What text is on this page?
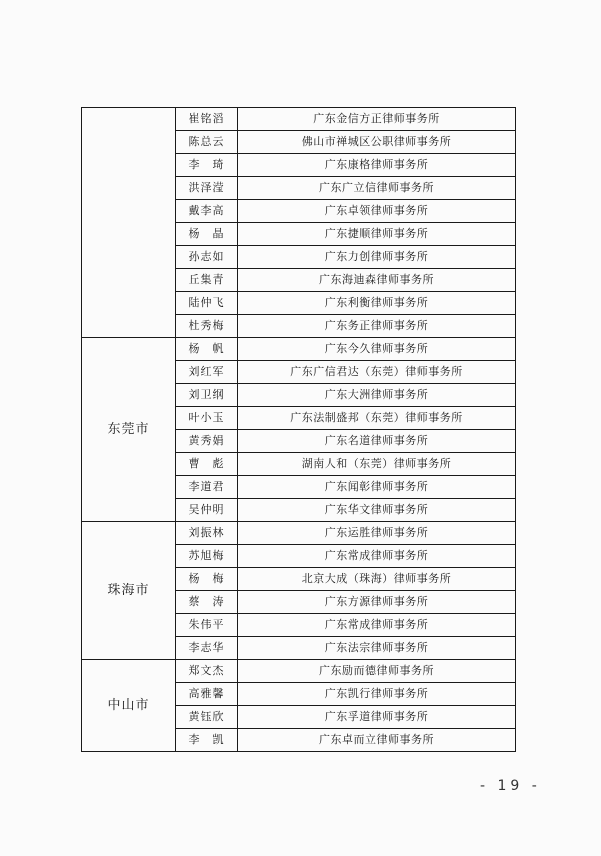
	崔铭滔	广东金信方正律师事务所
	陈总云	佛山市禅城区公职律师事务所
	李　琦	广东康格律师事务所
	洪泽滢	广东广立信律师事务所
	戴李高	广东卓领律师事务所
	杨　晶	广东捷顺律师事务所
	孙志如	广东力创律师事务所
	丘集青	广东海迪森律师事务所
	陆仲飞	广东利衡律师事务所
	杜秀梅	广东务正律师事务所
东莞市	杨　帆	广东今久律师事务所
	刘红军	广东广信君达（东莞）律师事务所
	刘卫纲	广东大洲律师事务所
	叶小玉	广东法制盛邦（东莞）律师事务所
	黄秀娟	广东名道律师事务所
	曹　彪	湖南人和（东莞）律师事务所
	李道君	广东闻彰律师事务所
	吴仲明	广东华文律师事务所
珠海市	刘振林	广东运胜律师事务所
	苏旭梅	广东常成律师事务所
	杨　梅	北京大成（珠海）律师事务所
	蔡　涛	广东方源律师事务所
	朱伟平	广东常成律师事务所
	李志华	广东法宗律师事务所
中山市	郑文杰	广东励而德律师事务所
	高雅馨	广东凯行律师事务所
	黄钰欣	广东孚道律师事务所
	李　凯	广东卓而立律师事务所
- 19 -
